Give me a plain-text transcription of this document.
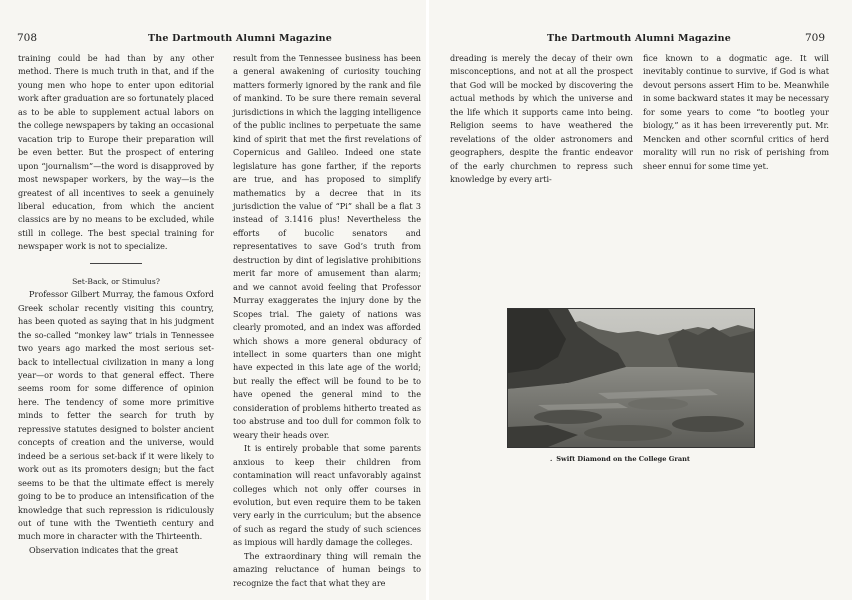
708	The Dartmouth Alumni Magazine

training could be had than by any other method. There is much truth in that, and if the young men who hope to enter upon editorial work after graduation are so fortunately placed as to be able to supplement actual labors on the college newspapers by taking an occasional vacation trip to Europe their preparation will be even better. But the prospect of entering upon “journalism”—the word is disapproved by most newspaper workers, by the way—is the greatest of all incentives to seek a genuinely liberal education, from which the ancient classics are by no means to be excluded, while still in college. The best special training for newspaper work is not to specialize.

Set-Back, or Stimulus?

Professor Gilbert Murray, the famous Oxford Greek scholar recently visiting this country, has been quoted as saying that in his judgment the so-called “monkey law” trials in Tennessee two years ago marked the most serious set-back to intellectual civilization in many a long year—or words to that general effect. There seems room for some difference of opinion here. The tendency of some more primitive minds to fetter the search for truth by repressive statutes designed to bolster ancient concepts of creation and the universe, would indeed be a serious set-back if it were likely to work out as its promoters design; but the fact seems to be that the ultimate effect is merely going to be to produce an intensification of the knowledge that such repression is ridiculously out of tune with the Twentieth century and much more in character with the Thirteenth.

Observation indicates that the great

result from the Tennessee business has been a general awakening of curiosity touching matters formerly ignored by the rank and file of mankind. To be sure there remain several jurisdictions in which the lagging intelligence of the public inclines to perpetuate the same kind of spirit that met the first revelations of Copernicus and Galileo. Indeed one state legislature has gone farther, if the reports are true, and has proposed to simplify mathematics by a decree that in its jurisdiction the value of “Pi” shall be a flat 3 instead of 3.1416 plus! Nevertheless the efforts of bucolic senators and representatives to save God’s truth from destruction by dint of legislative prohibitions merit far more of amusement than alarm; and we cannot avoid feeling that Professor Murray exaggerates the injury done by the Scopes trial. The gaiety of nations was clearly promoted, and an index was afforded which shows a more general obduracy of intellect in some quarters than one might have expected in this late age of the world; but really the effect will be found to be to have opened the general mind to the consideration of problems hitherto treated as too abstruse and too dull for common folk to weary their heads over.

It is entirely probable that some parents anxious to keep their children from contamination will react unfavorably against colleges which not only offer courses in evolution, but even require them to be taken very early in the curriculum; but the absence of such as regard the study of such sciences as impious will hardly damage the colleges.

The extraordinary thing will remain the amazing reluctance of human beings to recognize the fact that what they are

The Dartmouth Alumni Magazine	709

dreading is merely the decay of their own misconceptions, and not at all the prospect that God will be mocked by discovering the actual methods by which the universe and the life which it supports came into being. Religion seems to have weathered the revelations of the older astronomers and geographers, despite the frantic endeavor of the early churchmen to repress such knowledge by every arti-

fice known to a dogmatic age. It will inevitably continue to survive, if God is what devout persons assert Him to be. Meanwhile in some backward states it may be necessary for some years to come “to bootleg your biology,” as it has been irreverently put. Mr. Mencken and other scornful critics of herd morality will run no risk of perishing from sheer ennui for some time yet.

. Swift Diamond on the College Grant
